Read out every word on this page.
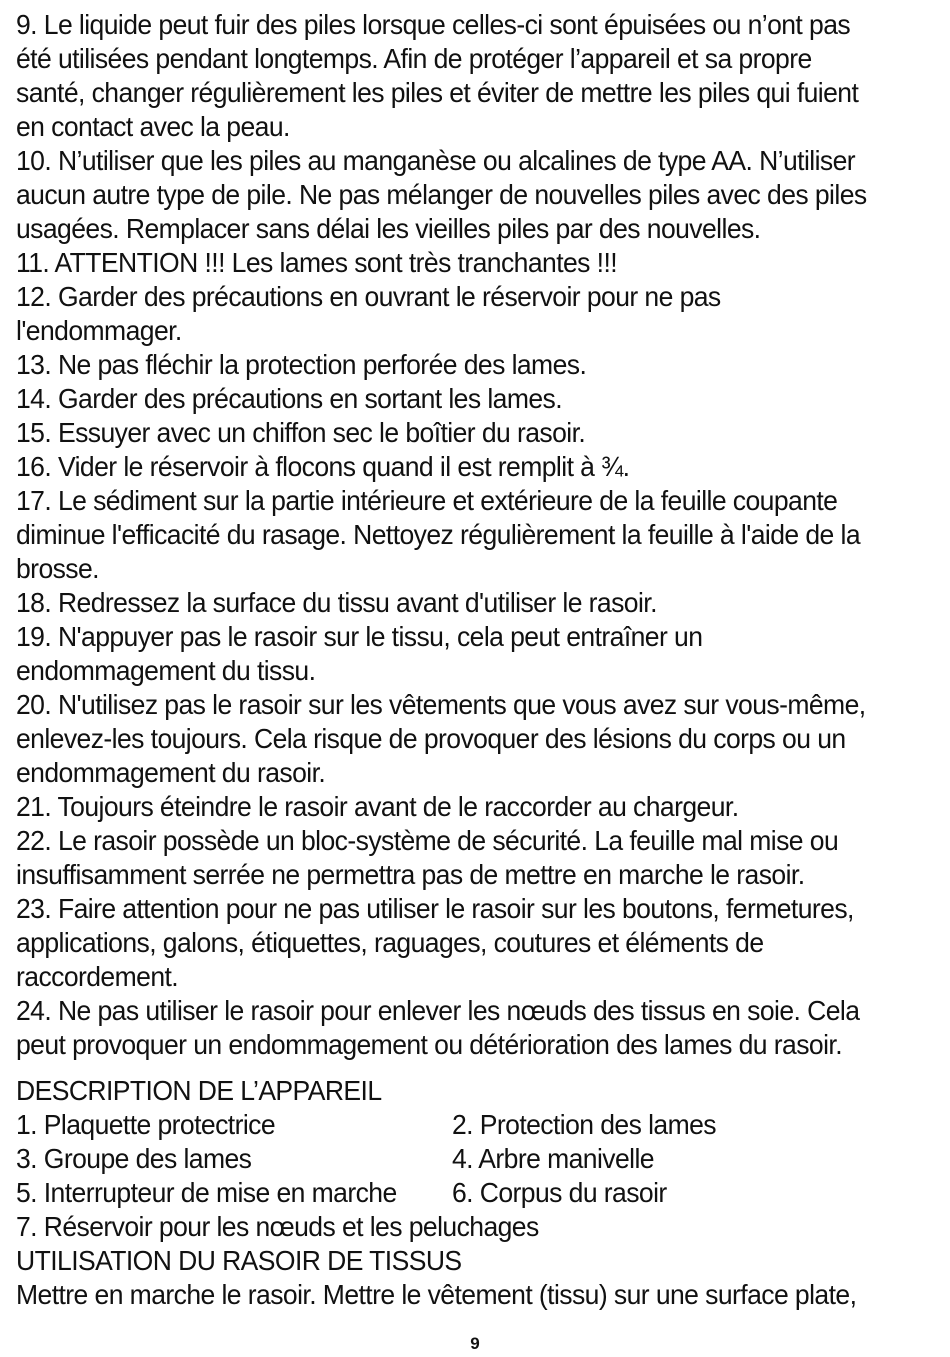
9. Le liquide peut fuir des piles lorsque celles-ci sont épuisées ou n’ont pas
été utilisées pendant longtemps. Afin de protéger l’appareil et sa propre
santé, changer régulièrement les piles et éviter de mettre les piles qui fuient
en contact avec la peau.
10. N’utiliser que les piles au manganèse ou alcalines de type AA. N’utiliser
aucun autre type de pile. Ne pas mélanger de nouvelles piles avec des piles
usagées. Remplacer sans délai les vieilles piles par des nouvelles.
11. ATTENTION !!! Les lames sont très tranchantes !!!
12. Garder des précautions en ouvrant le réservoir pour ne pas
l'endommager.
13. Ne pas fléchir la protection perforée des lames.
14. Garder des précautions en sortant les lames.
15. Essuyer avec un chiffon sec le boîtier du rasoir.
16. Vider le réservoir à flocons quand il est remplit à ¾.
17. Le sédiment sur la partie intérieure et extérieure de la feuille coupante
diminue l'efficacité du rasage. Nettoyez régulièrement la feuille à l'aide de la
brosse.
18. Redressez la surface du tissu avant d'utiliser le rasoir.
19. N'appuyer pas le rasoir sur le tissu, cela peut entraîner un
endommagement du tissu.
20. N'utilisez pas le rasoir sur les vêtements que vous avez sur vous-même,
enlevez-les toujours. Cela risque de provoquer des lésions du corps ou un
endommagement du rasoir.
21. Toujours éteindre le rasoir avant de le raccorder au chargeur.
22. Le rasoir possède un bloc-système de sécurité. La feuille mal mise ou
insuffisamment serrée ne permettra pas de mettre en marche le rasoir.
23. Faire attention pour ne pas utiliser le rasoir sur les boutons, fermetures,
applications, galons, étiquettes, raguages, coutures et éléments de
raccordement.
24. Ne pas utiliser le rasoir pour enlever les nœuds des tissus en soie. Cela
peut provoquer un endommagement ou détérioration des lames du rasoir.
DESCRIPTION DE L’APPAREIL
1. Plaquette protectrice	2. Protection des lames
3. Groupe des lames	4. Arbre manivelle
5. Interrupteur de mise en marche	6. Corpus du rasoir
7. Réservoir pour les nœuds et les peluchages
UTILISATION DU RASOIR DE TISSUS
Mettre en marche le rasoir. Mettre le vêtement (tissu) sur une surface plate,
9
